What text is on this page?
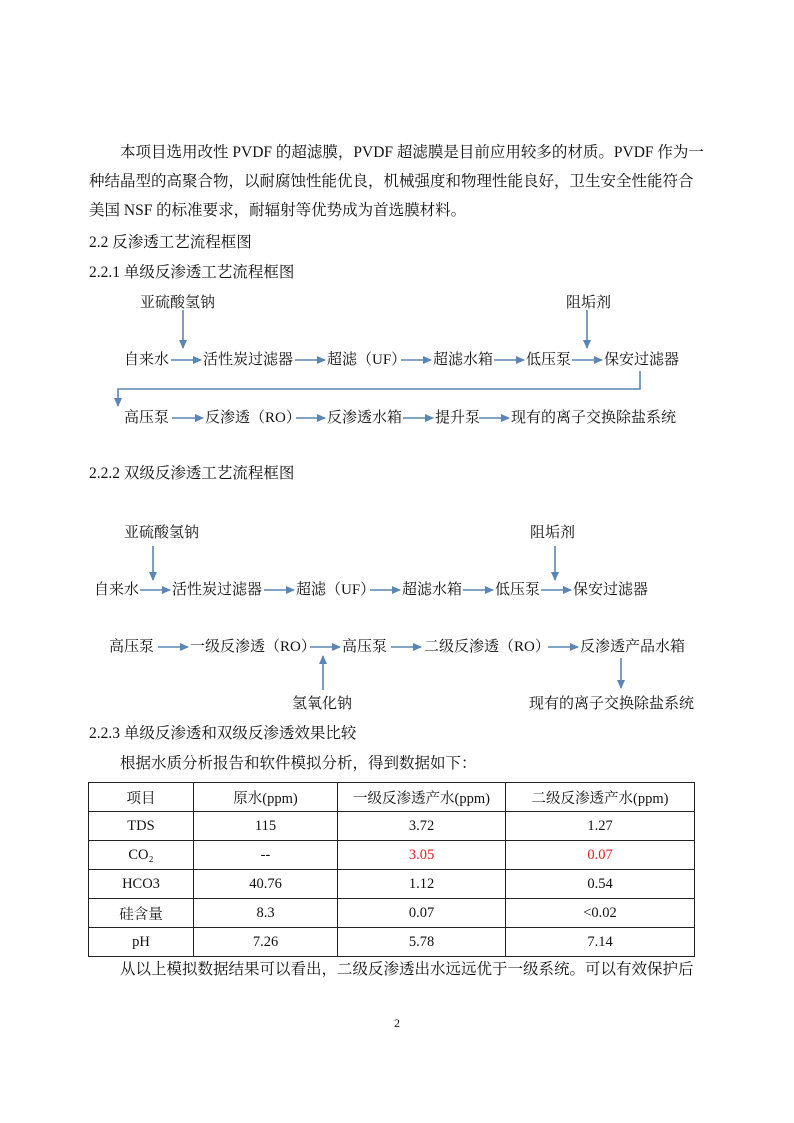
本项目选用改性 PVDF 的超滤膜，PVDF 超滤膜是目前应用较多的材质。PVDF 作为一
种结晶型的高聚合物，以耐腐蚀性能优良，机械强度和物理性能良好，卫生安全性能符合
美国 NSF 的标准要求，耐辐射等优势成为首选膜材料。
2.2 反渗透工艺流程框图
2.2.1 单级反渗透工艺流程框图
亚硫酸氢钠	阻垢剂
自来水 活性炭过滤器 超滤（UF） 超滤水箱 低压泵 保安过滤器
高压泵 反渗透（RO） 反渗透水箱 提升泵 现有的离子交换除盐系统
2.2.2 双级反渗透工艺流程框图
亚硫酸氢钠	阻垢剂
自来水 活性炭过滤器 超滤（UF） 超滤水箱 低压泵 保安过滤器
高压泵 一级反渗透（RO） 高压泵 二级反渗透（RO） 反渗透产品水箱
氢氧化钠	现有的离子交换除盐系统
2.2.3 单级反渗透和双级反渗透效果比较
根据水质分析报告和软件模拟分析，得到数据如下：
项目	原水(ppm)	一级反渗透产水(ppm)	二级反渗透产水(ppm)
TDS	115	3.72	1.27
CO₂	--	3.05	0.07
HCO3	40.76	1.12	0.54
硅含量	8.3	0.07	<0.02
pH	7.26	5.78	7.14
从以上模拟数据结果可以看出，二级反渗透出水远远优于一级系统。可以有效保护后
2
